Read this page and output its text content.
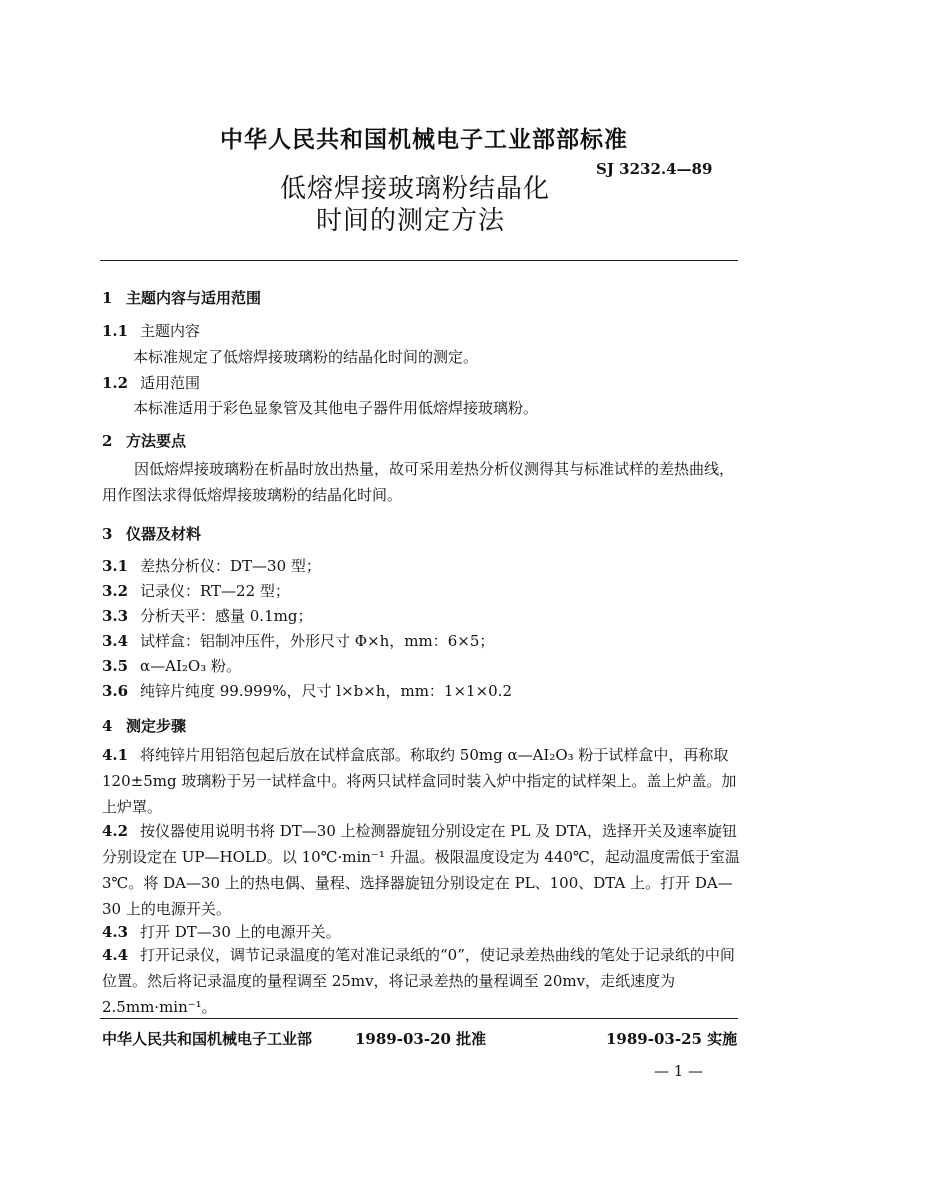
中华人民共和国机械电子工业部部标准
低熔焊接玻璃粉结晶化
时间的测定方法
SJ 3232.4—89
1 主题内容与适用范围
1.1 主题内容
本标准规定了低熔焊接玻璃粉的结晶化时间的测定。
1.2 适用范围
本标准适用于彩色显象管及其他电子器件用低熔焊接玻璃粉。
2 方法要点
因低熔焊接玻璃粉在析晶时放出热量，故可采用差热分析仪测得其与标准试样的差热曲线，用作图法求得低熔焊接玻璃粉的结晶化时间。
3 仪器及材料
3.1 差热分析仪：DT—30 型；
3.2 记录仪：RT—22 型；
3.3 分析天平：感量 0.1mg；
3.4 试样盒：铝制冲压件，外形尺寸 Φ×h，mm：6×5；
3.5 α—AI₂O₃ 粉。
3.6 纯锌片纯度 99.999%，尺寸 l×b×h，mm：1×1×0.2
4 测定步骤
4.1 将纯锌片用铝箔包起后放在试样盒底部。称取约 50mg α—AI₂O₃ 粉于试样盒中，再称取 120±5mg 玻璃粉于另一试样盒中。将两只试样盒同时装入炉中指定的试样架上。盖上炉盖。加上炉罩。
4.2 按仪器使用说明书将 DT—30 上检测器旋钮分别设定在 PL 及 DTA，选择开关及速率旋钮分别设定在 UP—HOLD。以 10℃·min⁻¹ 升温。极限温度设定为 440℃，起动温度需低于室温 3℃。将 DA—30 上的热电偶、量程、选择器旋钮分别设定在 PL、100、DTA 上。打开 DA—30 上的电源开关。
4.3 打开 DT—30 上的电源开关。
4.4 打开记录仪，调节记录温度的笔对准记录纸的“0”，使记录差热曲线的笔处于记录纸的中间位置。然后将记录温度的量程调至 25mv，将记录差热的量程调至 20mv，走纸速度为 2.5mm·min⁻¹。
中华人民共和国机械电子工业部	1989-03-20 批准	1989-03-25 实施
— 1 —
